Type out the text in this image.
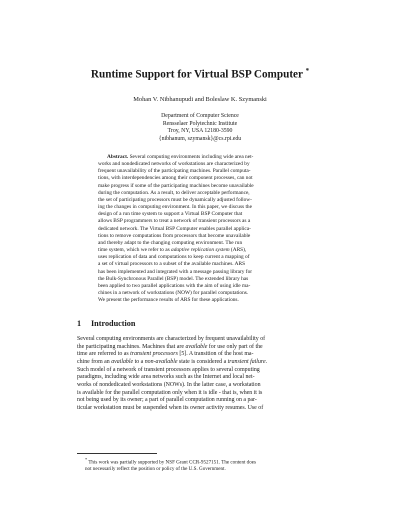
Runtime Support for Virtual BSP Computer *
Mohan V. Nibhanupudi and Boleslaw K. Szymanski
Department of Computer Science
Rensselaer Polytechnic Institute
Troy, NY, USA 12180-3590
{nibhanum, szymansk}@cs.rpi.edu
Abstract. Several computing environments including wide area net-
works and nondedicated networks of workstations are characterized by
frequent unavailability of the participating machines. Parallel computa-
tions, with interdependencies among their component processes, can not
make progress if some of the participating machines become unavailable
during the computation. As a result, to deliver acceptable performance,
the set of participating processors must be dynamically adjusted follow-
ing the changes in computing environment. In this paper, we discuss the
design of a run time system to support a Virtual BSP Computer that
allows BSP programmers to treat a network of transient processors as a
dedicated network. The Virtual BSP Computer enables parallel applica-
tions to remove computations from processors that become unavailable
and thereby adapt to the changing computing environment. The run
time system, which we refer to as adaptive replication system (ARS),
uses replication of data and computations to keep current a mapping of
a set of virtual processors to a subset of the available machines. ARS
has been implemented and integrated with a message passing library for
the Bulk-Synchronous Parallel (BSP) model. The extended library has
been applied to two parallel applications with the aim of using idle ma-
chines in a network of workstations (NOW) for parallel computations.
We present the performance results of ARS for these applications.
1 Introduction
Several computing environments are characterized by frequent unavailability of
the participating machines. Machines that are available for use only part of the
time are referred to as transient processors [5]. A transition of the host ma-
chine from an available to a non-available state is considered a transient failure.
Such model of a network of transient processors applies to several computing
paradigms, including wide area networks such as the Internet and local net-
works of nondedicated workstations (NOWs). In the latter case, a workstation
is available for the parallel computation only when it is idle - that is, when it is
not being used by its owner; a part of parallel computation running on a par-
ticular workstation must be suspended when its owner activity resumes. Use of
* This work was partially supported by NSF Grant CCR-9527151. The content does
not necessarily reflect the position or policy of the U.S. Government.
